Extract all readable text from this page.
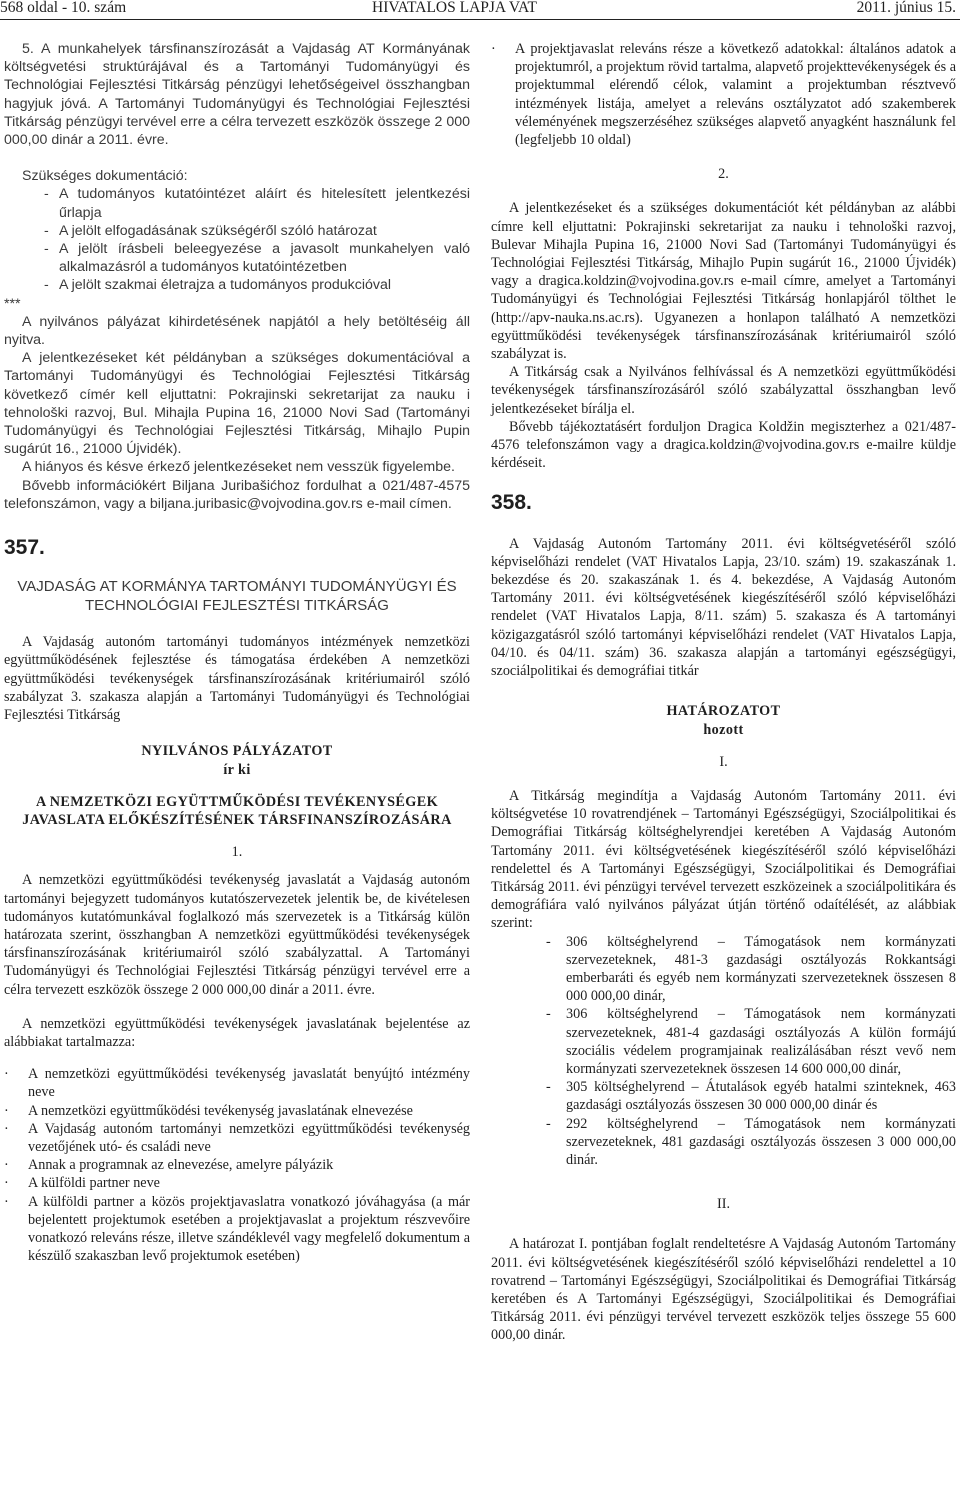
568 oldal - 10. szám	HIVATALOS LAPJA VAT	2011. június 15.

5. A munkahelyek társfinanszírozását a Vajdaság AT Kormányának költségvetési struktúrájával és a Tartományi Tudományügyi és Technológiai Fejlesztési Titkárság pénzügyi lehetőségeivel összhangban hagyjuk jóvá. A Tartományi Tudományügyi és Technológiai Fejlesztési Titkárság pénzügyi tervével erre a célra tervezett eszközök összege 2 000 000,00 dinár a 2011. évre.

Szükséges dokumentáció:

- A tudományos kutatóintézet aláírt és hitelesített jelentkezési űrlapja

- A jelölt elfogadásának szükségéről szóló határozat

- A jelölt írásbeli beleegyezése a javasolt munkahelyen való alkalmazásról a tudományos kutatóintézetben

- A jelölt szakmai életrajza a tudományos produkcióval

***

A nyilvános pályázat kihirdetésének napjától a hely betöltéséig áll nyitva.

A jelentkezéseket két példányban a szükséges dokumentációval a Tartományi Tudományügyi és Technológiai Fejlesztési Titkárság következő címér kell eljuttatni: Pokrajinski sekretarijat za nauku i tehnološki razvoj, Bul. Mihajla Pupina 16, 21000 Novi Sad (Tartományi Tudományügyi és Technológiai Fejlesztési Titkárság, Mihajlo Pupin sugárút 16., 21000 Újvidék).

A hiányos és késve érkező jelentkezéseket nem vesszük figyelembe.

Bővebb információkért Biljana Juribašićhoz fordulhat a 021/487-4575 telefonszámon, vagy a biljana.juribasic@vojvodina.gov.rs e-mail címen.

357.
VAJDASÁG AT KORMÁNYA TARTOMÁNYI TUDOMÁNYÜGYI ÉS TECHNOLÓGIAI FEJLESZTÉSI TITKÁRSÁG

A Vajdaság autonóm tartományi tudományos intézmények nemzetközi együttműködésének fejlesztése és támogatása érdekében A nemzetközi együttműködési tevékenységek társfinanszírozásának kritériumairól szóló szabályzat 3. szakasza alapján a Tartományi Tudományügyi és Technológiai Fejlesztési Titkárság

NYILVÁNOS PÁLYÁZATOT
ír ki
A NEMZETKÖZI EGYÜTTMŰKÖDÉSI TEVÉKENYSÉGEK JAVASLATA ELŐKÉSZÍTÉSÉNEK TÁRSFINANSZÍROZÁSÁRA
1.

A nemzetközi együttműködési tevékenység javaslatát a Vajdaság autonóm tartományi bejegyzett tudományos kutatószervezetek jelentik be, de kivételesen tudományos kutatómunkával foglalkozó más szervezetek is a Titkárság külön határozata szerint, összhangban A nemzetközi együttműködési tevékenységek társfinanszírozásának kritériumairól szóló szabályzattal. A Tartományi Tudományügyi és Technológiai Fejlesztési Titkárság pénzügyi tervével erre a célra tervezett eszközök összege 2 000 000,00 dinár a 2011. évre.

A nemzetközi együttműködési tevékenységek javaslatának bejelentése az alábbiakat tartalmazza:

· A nemzetközi együttműködési tevékenység javaslatát benyújtó intézmény neve

· A nemzetközi együttműködési tevékenység javaslatának elnevezése

· A Vajdaság autonóm tartományi nemzetközi együttműködési tevékenység vezetőjének utó- és családi neve

· Annak a programnak az elnevezése, amelyre pályázik

· A külföldi partner neve

· A külföldi partner a közös projektjavaslatra vonatkozó jóváhagyása (a már bejelentett projektumok esetében a projektjavaslat a projektum részvevőire vonatkozó releváns része, illetve szándéklevél vagy megfelelő dokumentum a készülő szakaszban levő projektumok esetében)

· A projektjavaslat releváns része a következő adatokkal: általános adatok a projektumról, a projektum rövid tartalma, alapvető projekttevékenységek és a projektummal elérendő célok, valamint a projektumban résztvevő intézmények listája, amelyet a releváns osztályzatot adó szakemberek véleményének megszerzéséhez szükséges alapvető anyagként használunk fel (legfeljebb 10 oldal)

2.

A jelentkezéseket és a szükséges dokumentációt két példányban az alábbi címre kell eljuttatni: Pokrajinski sekretarijat za nauku i tehnološki razvoj, Bulevar Mihajla Pupina 16, 21000 Novi Sad (Tartományi Tudományügyi és Technológiai Fejlesztési Titkárság, Mihajlo Pupin sugárút 16., 21000 Újvidék) vagy a dragica.koldzin@vojvodina.gov.rs e-mail címre, amelyet a Tartományi Tudományügyi és Technológiai Fejlesztési Titkárság honlapjáról tölthet le (http://apv-nauka.ns.ac.rs). Ugyanezen a honlapon található A nemzetközi együttműködési tevékenységek társfinanszírozásának kritériumairól szóló szabályzat is.

A Titkárság csak a Nyilvános felhívással és A nemzetközi együttműködési tevékenységek társfinanszírozásáról szóló szabályzattal összhangban levő jelentkezéseket bírálja el.

Bővebb tájékoztatásért forduljon Dragica Koldžin megiszterhez a 021/487-4576 telefonszámon vagy a dragica.koldzin@vojvodina.gov.rs e-mailre küldje kérdéseit.

358.

A Vajdaság Autonóm Tartomány 2011. évi költségvetéséről szóló képviselőházi rendelet (VAT Hivatalos Lapja, 23/10. szám) 19. szakaszának 1. bekezdése és 20. szakaszának 1. és 4. bekezdése, A Vajdaság Autonóm Tartomány 2011. évi költségvetésének kiegészítéséről szóló képviselőházi rendelet (VAT Hivatalos Lapja, 8/11. szám) 5. szakasza és A tartományi közigazgatásról szóló tartományi képviselőházi rendelet (VAT Hivatalos Lapja, 04/10. és 04/11. szám) 36. szakasza alapján a tartományi egészségügyi, szociálpolitikai és demográfiai titkár

HATÁROZATOT
hozott
I.

A Titkárság megindítja a Vajdaság Autonóm Tartomány 2011. évi költségvetése 10 rovatrendjének – Tartományi Egészségügyi, Szociálpolitikai és Demográfiai Titkárság költséghelyrendjei keretében A Vajdaság Autonóm Tartomány 2011. évi költségvetésének kiegészítéséről szóló képviselőházi rendelettel és A Tartományi Egészségügyi, Szociálpolitikai és Demográfiai Titkárság 2011. évi pénzügyi tervével tervezett eszközeinek a szociálpolitikára és demográfiára való nyilvános pályázat útján történő odaítélését, az alábbiak szerint:

- 306 költséghelyrend – Támogatások nem kormányzati szervezeteknek, 481-3 gazdasági osztályozás Rokkantsági emberbaráti és egyéb nem kormányzati szervezeteknek összesen 8 000 000,00 dinár,

- 306 költséghelyrend – Támogatások nem kormányzati szervezeteknek, 481-4 gazdasági osztályozás A külön formájú szociális védelem programjainak realizálásában részt vevő nem kormányzati szervezeteknek összesen 14 600 000,00 dinár,

- 305 költséghelyrend – Átutalások egyéb hatalmi szinteknek, 463 gazdasági osztályozás összesen 30 000 000,00 dinár és

- 292 költséghelyrend – Támogatások nem kormányzati szervezeteknek, 481 gazdasági osztályozás összesen 3 000 000,00 dinár.

II.

A határozat I. pontjában foglalt rendeltetésre A Vajdaság Autonóm Tartomány 2011. évi költségvetésének kiegészítéséről szóló képviselőházi rendelettel a 10 rovatrend – Tartományi Egészségügyi, Szociálpolitikai és Demográfiai Titkárság keretében és A Tartományi Egészségügyi, Szociálpolitikai és Demográfiai Titkárság 2011. évi pénzügyi tervével tervezett eszközök teljes összege 55 600 000,00 dinár.
